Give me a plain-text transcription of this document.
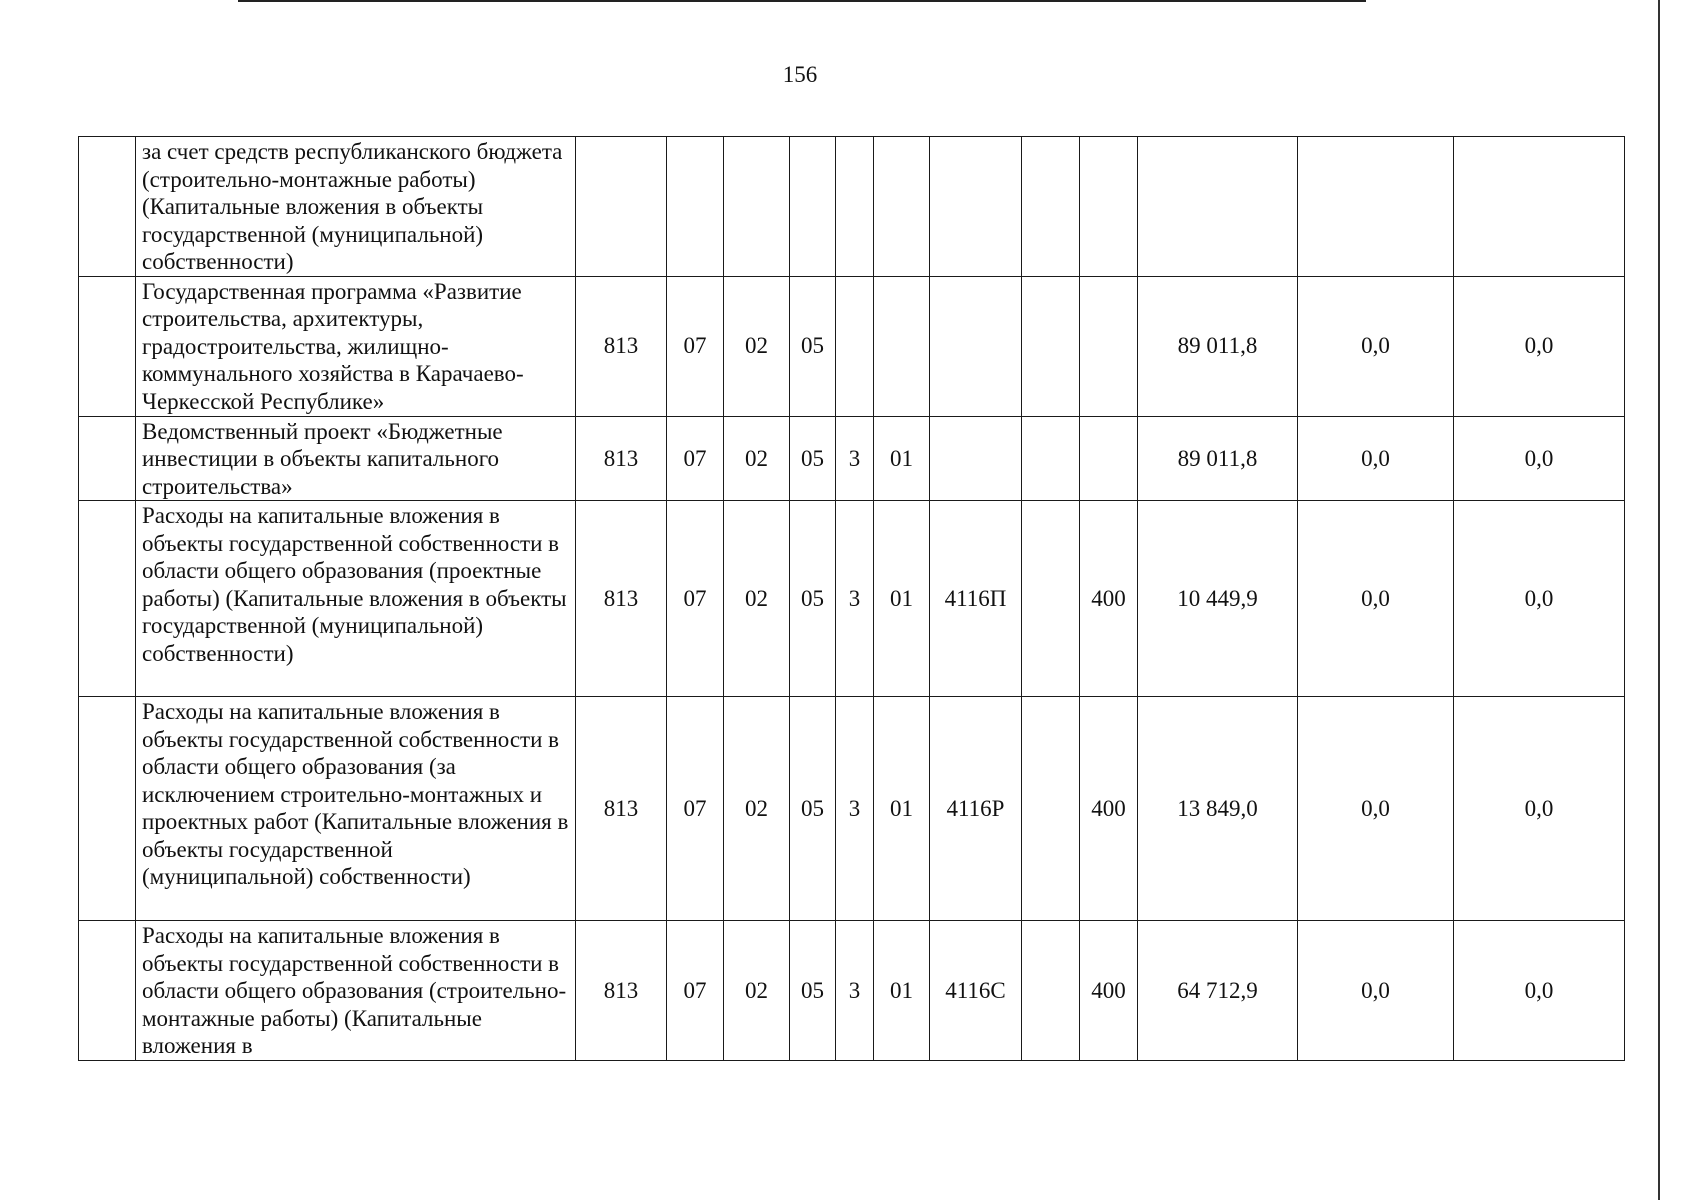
156
	за счет средств республиканского бюджета (строительно-монтажные работы) (Капитальные вложения в объекты государственной (муниципальной) собственности)												
	Государственная программа «Развитие строительства, архитектуры, градостроительства, жилищно-коммунального хозяйства в Карачаево-Черкесской Республике»	813	07	02	05						89 011,8	0,0	0,0
	Ведомственный проект «Бюджетные инвестиции в объекты капитального строительства»	813	07	02	05	3	01				89 011,8	0,0	0,0
	Расходы на капитальные вложения в объекты государственной собственности в области общего образования (проектные работы) (Капитальные вложения в объекты государственной (муниципальной) собственности)	813	07	02	05	3	01	4116П		400	10 449,9	0,0	0,0
	Расходы на капитальные вложения в объекты государственной собственности в области общего образования (за исключением строительно-монтажных и проектных работ (Капитальные вложения в объекты государственной (муниципальной) собственности)	813	07	02	05	3	01	4116Р		400	13 849,0	0,0	0,0
	Расходы на капитальные вложения в объекты государственной собственности в области общего образования (строительно-монтажные работы) (Капитальные вложения в	813	07	02	05	3	01	4116С		400	64 712,9	0,0	0,0
